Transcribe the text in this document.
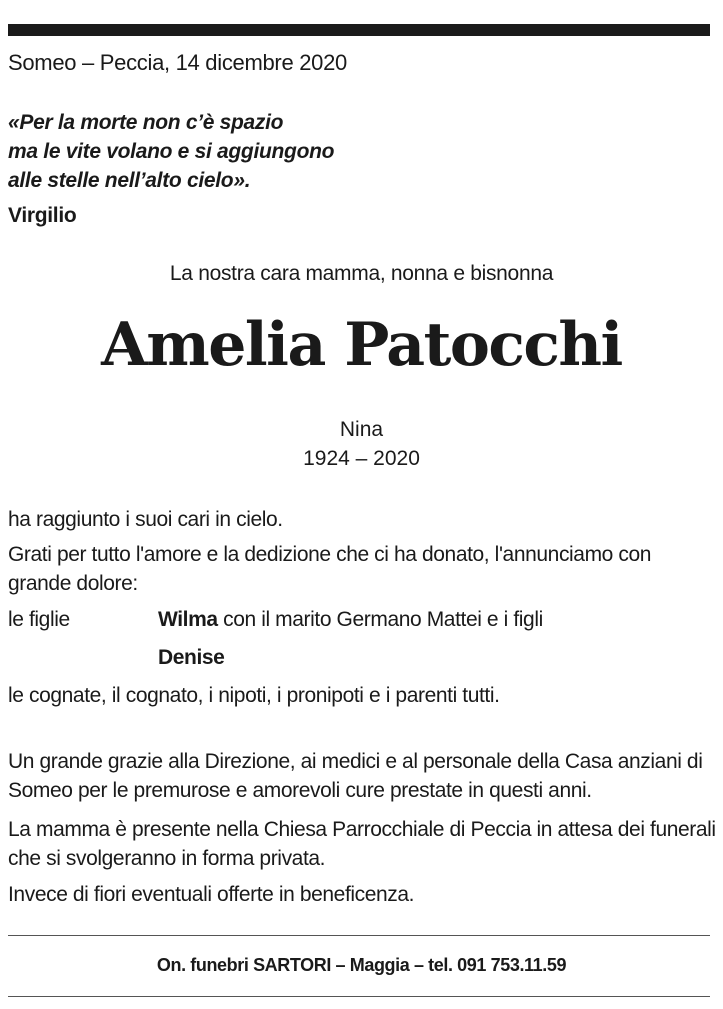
Someo – Peccia, 14 dicembre 2020
«Per la morte non c’è spazio
ma le vite volano e si aggiungono
alle stelle nell’alto cielo».
Virgilio
La nostra cara mamma, nonna e bisnonna
Amelia Patocchi
Nina
1924 – 2020
ha raggiunto i suoi cari in cielo.
Grati per tutto l'amore e la dedizione che ci ha donato, l'annunciamo con grande dolore:
le figlie	Wilma con il marito Germano Mattei e i figli
Denise
le cognate, il cognato, i nipoti, i pronipoti e i parenti tutti.
Un grande grazie alla Direzione, ai medici e al personale della Casa anziani di Someo per le premurose e amorevoli cure prestate in questi anni.
La mamma è presente nella Chiesa Parrocchiale di Peccia in attesa dei funerali che si svolgeranno in forma privata.
Invece di fiori eventuali offerte in beneficenza.
On. funebri SARTORI – Maggia – tel. 091 753.11.59
